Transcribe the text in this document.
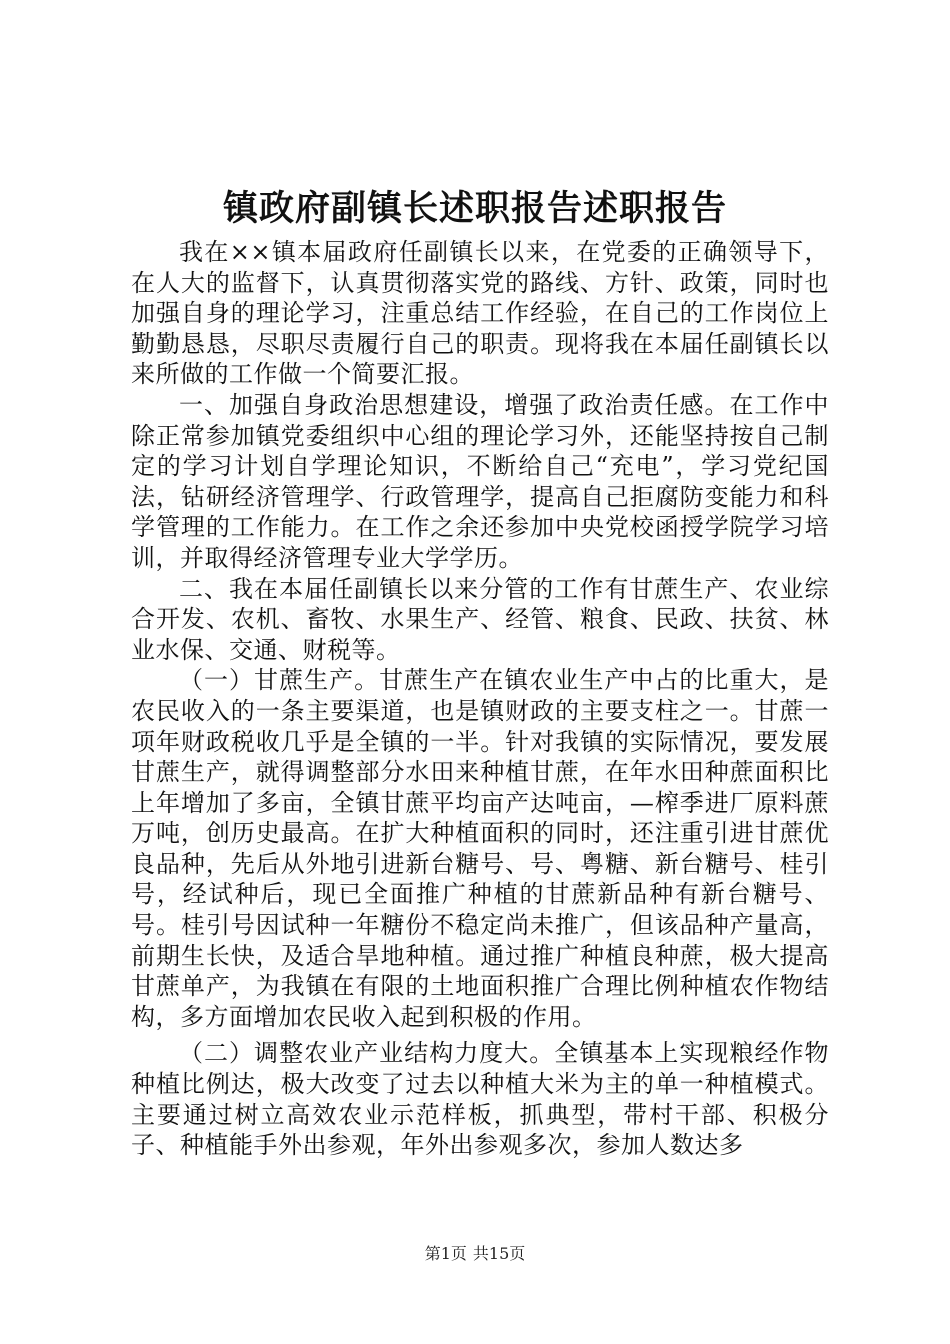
镇政府副镇长述职报告述职报告

我在××镇本届政府任副镇长以来，在党委的正确领导下，在人大的监督下，认真贯彻落实党的路线、方针、政策，同时也加强自身的理论学习，注重总结工作经验，在自己的工作岗位上勤勤恳恳，尽职尽责履行自己的职责。现将我在本届任副镇长以来所做的工作做一个简要汇报。

一、加强自身政治思想建设，增强了政治责任感。在工作中除正常参加镇党委组织中心组的理论学习外，还能坚持按自己制定的学习计划自学理论知识，不断给自己“充电”，学习党纪国法，钻研经济管理学、行政管理学，提高自己拒腐防变能力和科学管理的工作能力。在工作之余还参加中央党校函授学院学习培训，并取得经济管理专业大学学历。

二、我在本届任副镇长以来分管的工作有甘蔗生产、农业综合开发、农机、畜牧、水果生产、经管、粮食、民政、扶贫、林业水保、交通、财税等。

（一）甘蔗生产。甘蔗生产在镇农业生产中占的比重大，是农民收入的一条主要渠道，也是镇财政的主要支柱之一。甘蔗一项年财政税收几乎是全镇的一半。针对我镇的实际情况，要发展甘蔗生产，就得调整部分水田来种植甘蔗，在年水田种蔗面积比上年增加了多亩，全镇甘蔗平均亩产达吨亩，—榨季进厂原料蔗万吨，创历史最高。在扩大种植面积的同时，还注重引进甘蔗优良品种，先后从外地引进新台糖号、号、粤糖、新台糖号、桂引号，经试种后，现已全面推广种植的甘蔗新品种有新台糖号、号。桂引号因试种一年糖份不稳定尚未推广，但该品种产量高，前期生长快，及适合旱地种植。通过推广种植良种蔗，极大提高甘蔗单产，为我镇在有限的土地面积推广合理比例种植农作物结构，多方面增加农民收入起到积极的作用。

（二）调整农业产业结构力度大。全镇基本上实现粮经作物种植比例达，极大改变了过去以种植大米为主的单一种植模式。主要通过树立高效农业示范样板，抓典型，带村干部、积极分子、种植能手外出参观，年外出参观多次，参加人数达多

第1页 共15页
